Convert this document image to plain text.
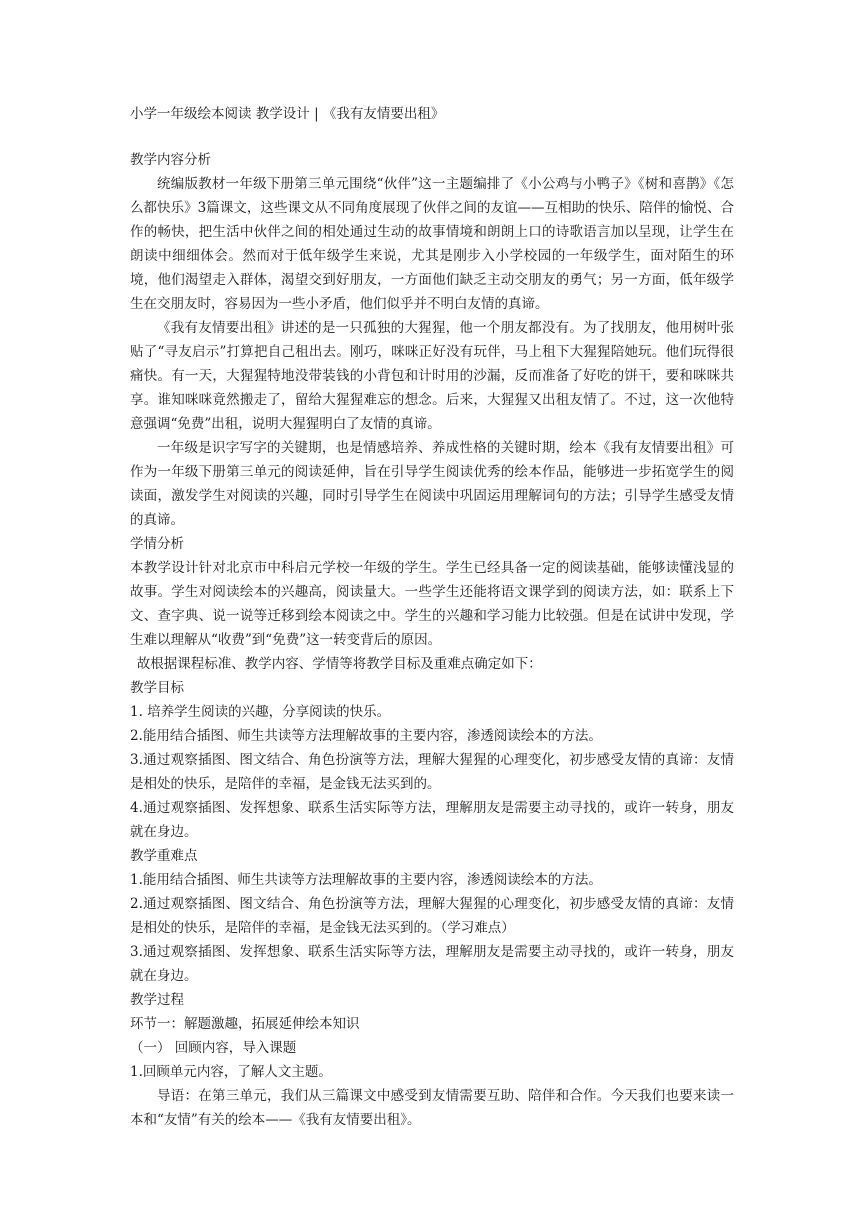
小学一年级绘本阅读 教学设计 | 《我有友情要出租》

教学内容分析

统编版教材一年级下册第三单元围绕“伙伴”这一主题编排了《小公鸡与小鸭子》《树和喜鹊》《怎么都快乐》3篇课文，这些课文从不同角度展现了伙伴之间的友谊——互相助的快乐、陪伴的愉悦、合作的畅快，把生活中伙伴之间的相处通过生动的故事情境和朗朗上口的诗歌语言加以呈现，让学生在朗读中细细体会。然而对于低年级学生来说，尤其是刚步入小学校园的一年级学生，面对陌生的环境，他们渴望走入群体，渴望交到好朋友，一方面他们缺乏主动交朋友的勇气；另一方面，低年级学生在交朋友时，容易因为一些小矛盾，他们似乎并不明白友情的真谛。

《我有友情要出租》讲述的是一只孤独的大猩猩，他一个朋友都没有。为了找朋友，他用树叶张贴了“寻友启示”打算把自己租出去。刚巧，咪咪正好没有玩伴，马上租下大猩猩陪她玩。他们玩得很痛快。有一天，大猩猩特地没带装钱的小背包和计时用的沙漏，反而准备了好吃的饼干，要和咪咪共享。谁知咪咪竟然搬走了，留给大猩猩难忘的想念。后来，大猩猩又出租友情了。不过，这一次他特意强调“免费”出租，说明大猩猩明白了友情的真谛。

一年级是识字写字的关键期，也是情感培养、养成性格的关键时期，绘本《我有友情要出租》可作为一年级下册第三单元的阅读延伸，旨在引导学生阅读优秀的绘本作品，能够进一步拓宽学生的阅读面，激发学生对阅读的兴趣，同时引导学生在阅读中巩固运用理解词句的方法；引导学生感受友情的真谛。

学情分析

本教学设计针对北京市中科启元学校一年级的学生。学生已经具备一定的阅读基础，能够读懂浅显的故事。学生对阅读绘本的兴趣高，阅读量大。一些学生还能将语文课学到的阅读方法，如：联系上下文、查字典、说一说等迁移到绘本阅读之中。学生的兴趣和学习能力比较强。但是在试讲中发现，学生难以理解从“收费”到“免费”这一转变背后的原因。

故根据课程标准、教学内容、学情等将教学目标及重难点确定如下：

教学目标

1. 培养学生阅读的兴趣，分享阅读的快乐。

2.能用结合插图、师生共读等方法理解故事的主要内容，渗透阅读绘本的方法。

3.通过观察插图、图文结合、角色扮演等方法，理解大猩猩的心理变化，初步感受友情的真谛：友情是相处的快乐，是陪伴的幸福，是金钱无法买到的。

4.通过观察插图、发挥想象、联系生活实际等方法，理解朋友是需要主动寻找的，或许一转身，朋友就在身边。

教学重难点

1.能用结合插图、师生共读等方法理解故事的主要内容，渗透阅读绘本的方法。

2.通过观察插图、图文结合、角色扮演等方法，理解大猩猩的心理变化，初步感受友情的真谛：友情是相处的快乐，是陪伴的幸福，是金钱无法买到的。（学习难点）

3.通过观察插图、发挥想象、联系生活实际等方法，理解朋友是需要主动寻找的，或许一转身，朋友就在身边。

教学过程

环节一：解题激趣，拓展延伸绘本知识

（一） 回顾内容，导入课题

1.回顾单元内容，了解人文主题。

导语：在第三单元，我们从三篇课文中感受到友情需要互助、陪伴和合作。今天我们也要来读一本和“友情”有关的绘本——《我有友情要出租》。
